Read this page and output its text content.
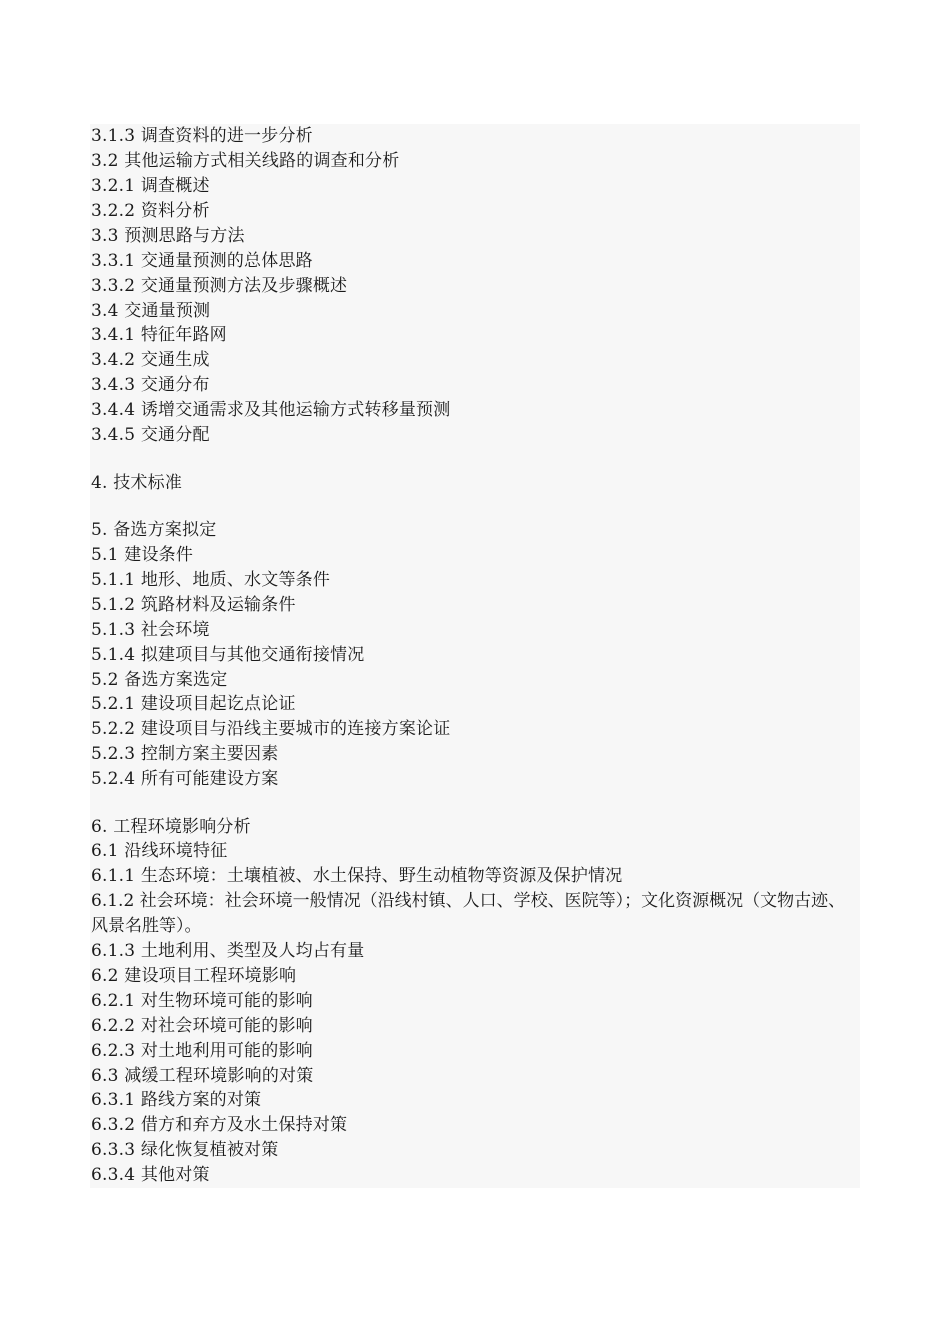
3.1.3 调查资料的进一步分析
3.2 其他运输方式相关线路的调查和分析
3.2.1 调查概述
3.2.2 资料分析
3.3 预测思路与方法
3.3.1 交通量预测的总体思路
3.3.2 交通量预测方法及步骤概述
3.4 交通量预测
3.4.1 特征年路网
3.4.2 交通生成
3.4.3 交通分布
3.4.4 诱增交通需求及其他运输方式转移量预测
3.4.5 交通分配
4. 技术标准
5. 备选方案拟定
5.1 建设条件
5.1.1 地形、地质、水文等条件
5.1.2 筑路材料及运输条件
5.1.3 社会环境
5.1.4 拟建项目与其他交通衔接情况
5.2 备选方案选定
5.2.1 建设项目起讫点论证
5.2.2 建设项目与沿线主要城市的连接方案论证
5.2.3 控制方案主要因素
5.2.4 所有可能建设方案
6. 工程环境影响分析
6.1 沿线环境特征
6.1.1 生态环境：土壤植被、水土保持、野生动植物等资源及保护情况
6.1.2 社会环境：社会环境一般情况（沿线村镇、人口、学校、医院等）；文化资源概况（文物古迹、风景名胜等）。
6.1.3 土地利用、类型及人均占有量
6.2 建设项目工程环境影响
6.2.1 对生物环境可能的影响
6.2.2 对社会环境可能的影响
6.2.3 对土地利用可能的影响
6.3 减缓工程环境影响的对策
6.3.1 路线方案的对策
6.3.2 借方和弃方及水土保持对策
6.3.3 绿化恢复植被对策
6.3.4 其他对策
